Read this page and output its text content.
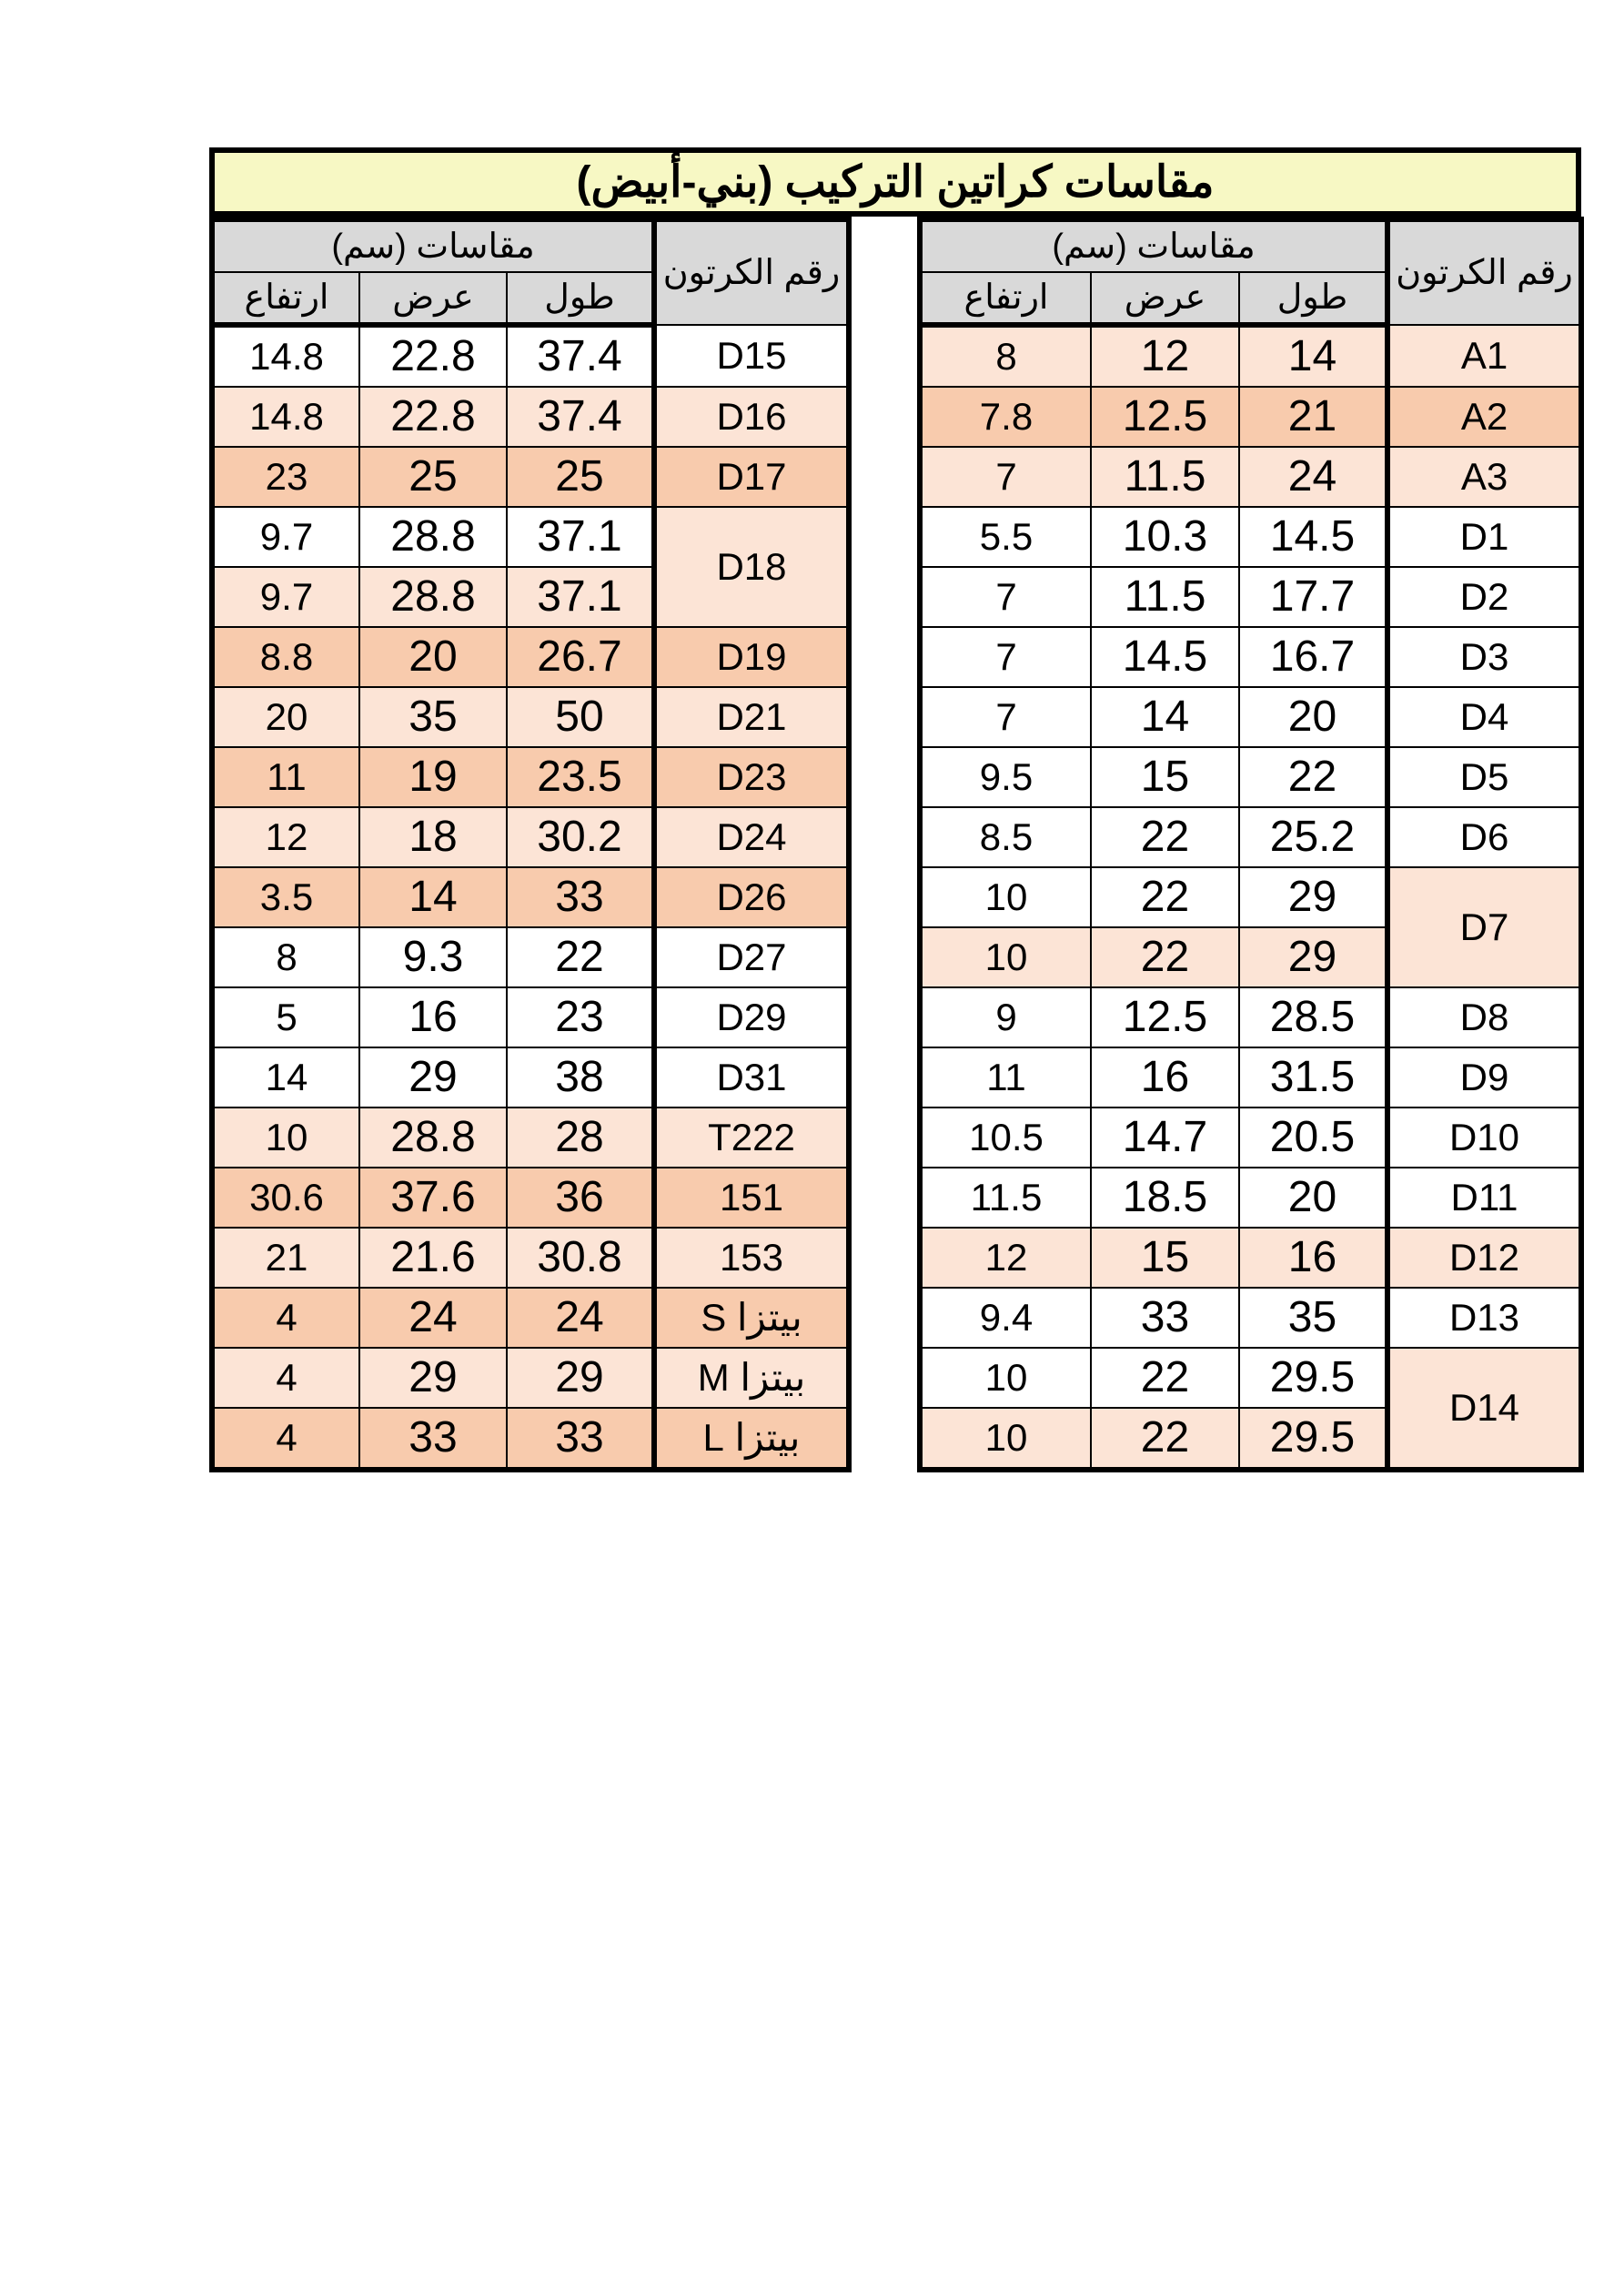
مقاسات كراتين التركيب (بني-أبيض)
مقاسات (سم)			رقم الكرتون
ارتفاع	عرض	طول	
8	12	14	A1
7.8	12.5	21	A2
7	11.5	24	A3
5.5	10.3	14.5	D1
7	11.5	17.7	D2
7	14.5	16.7	D3
7	14	20	D4
9.5	15	22	D5
8.5	22	25.2	D6
10	22	29	D7
10	22	29	
9	12.5	28.5	D8
11	16	31.5	D9
10.5	14.7	20.5	D10
11.5	18.5	20	D11
12	15	16	D12
9.4	33	35	D13
10	22	29.5	D14
10	22	29.5	
مقاسات (سم)			رقم الكرتون
ارتفاع	عرض	طول	
14.8	22.8	37.4	D15
14.8	22.8	37.4	D16
23	25	25	D17
9.7	28.8	37.1	D18
9.7	28.8	37.1	
8.8	20	26.7	D19
20	35	50	D21
11	19	23.5	D23
12	18	30.2	D24
3.5	14	33	D26
8	9.3	22	D27
5	16	23	D29
14	29	38	D31
10	28.8	28	T222
30.6	37.6	36	151
21	21.6	30.8	153
4	24	24	بيتزا S
4	29	29	بيتزا M
4	33	33	بيتزا L
